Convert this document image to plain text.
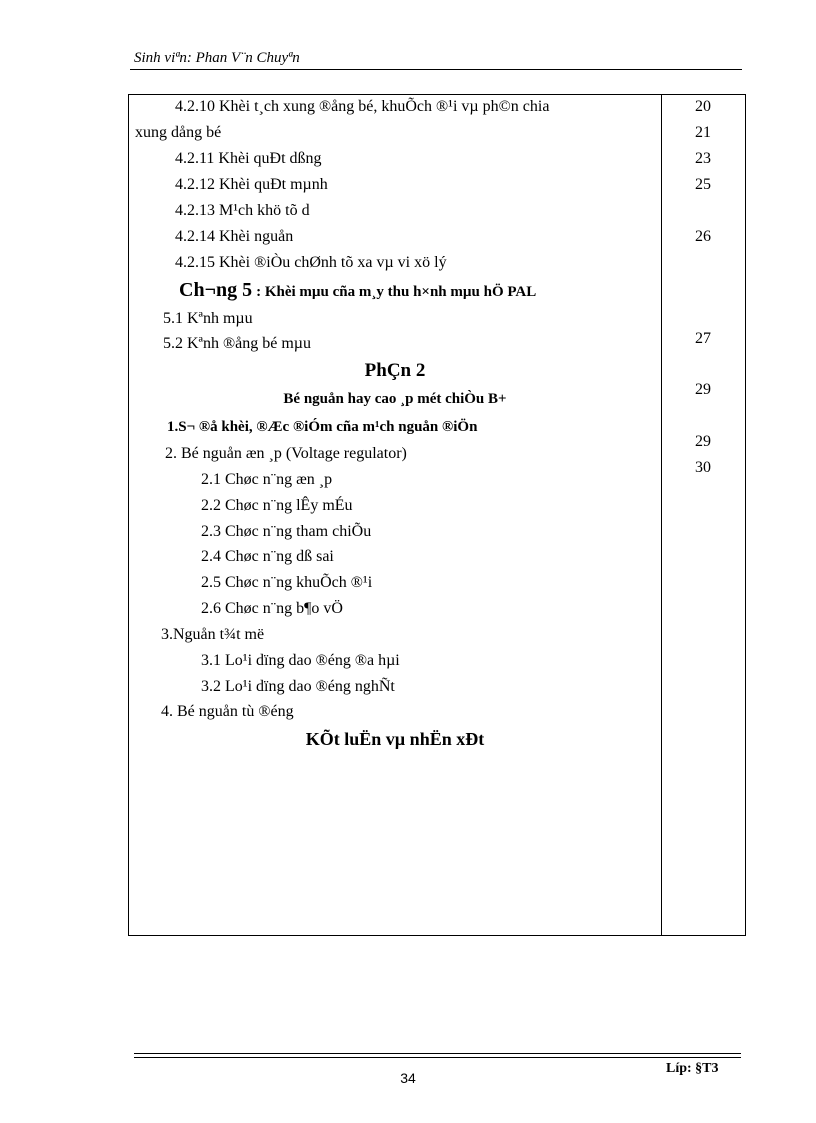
Sinh viªn: Phan V¨n Chuyªn
4.2.10 Khèi t¸ch xung ®ång bé, khuÕch ®¹i vµ ph©n chia
xung dång bé
4.2.11 Khèi quÐt dßng
4.2.12 Khèi quÐt mµnh
4.2.13 M¹ch khö tõ d
4.2.14 Khèi nguån
4.2.15 Khèi ®iÒu chØnh tõ xa vµ vi xö lý
Ch¬ng 5 : Khèi mµu cña m¸y thu h×nh mµu hÖ PAL
5.1 Kªnh mµu
5.2 Kªnh ®ång bé mµu
PhÇn 2
Bé nguån hay cao ¸p mét chiÒu B+
1.S¬ ®å khèi, ®Æc ®iÓm cña m¹ch nguån ®iÖn
2. Bé nguån æn ¸p (Voltage regulator)
2.1 Chøc n¨ng æn ¸p
2.2 Chøc n¨ng lÊy mÉu
2.3 Chøc n¨ng tham chiÕu
2.4 Chøc n¨ng dß sai
2.5 Chøc n¨ng khuÕch ®¹i
2.6 Chøc n¨ng b¶o vÖ
3.Nguån t¾t më
3.1 Lo¹i dïng dao ®éng ®a hµi
3.2 Lo¹i dïng dao ®éng nghÑt
4. Bé nguån tù ®éng
KÕt luËn vµ nhËn xÐt
20
21
23
25
26
27
29
29
30
Líp: §T3
34
